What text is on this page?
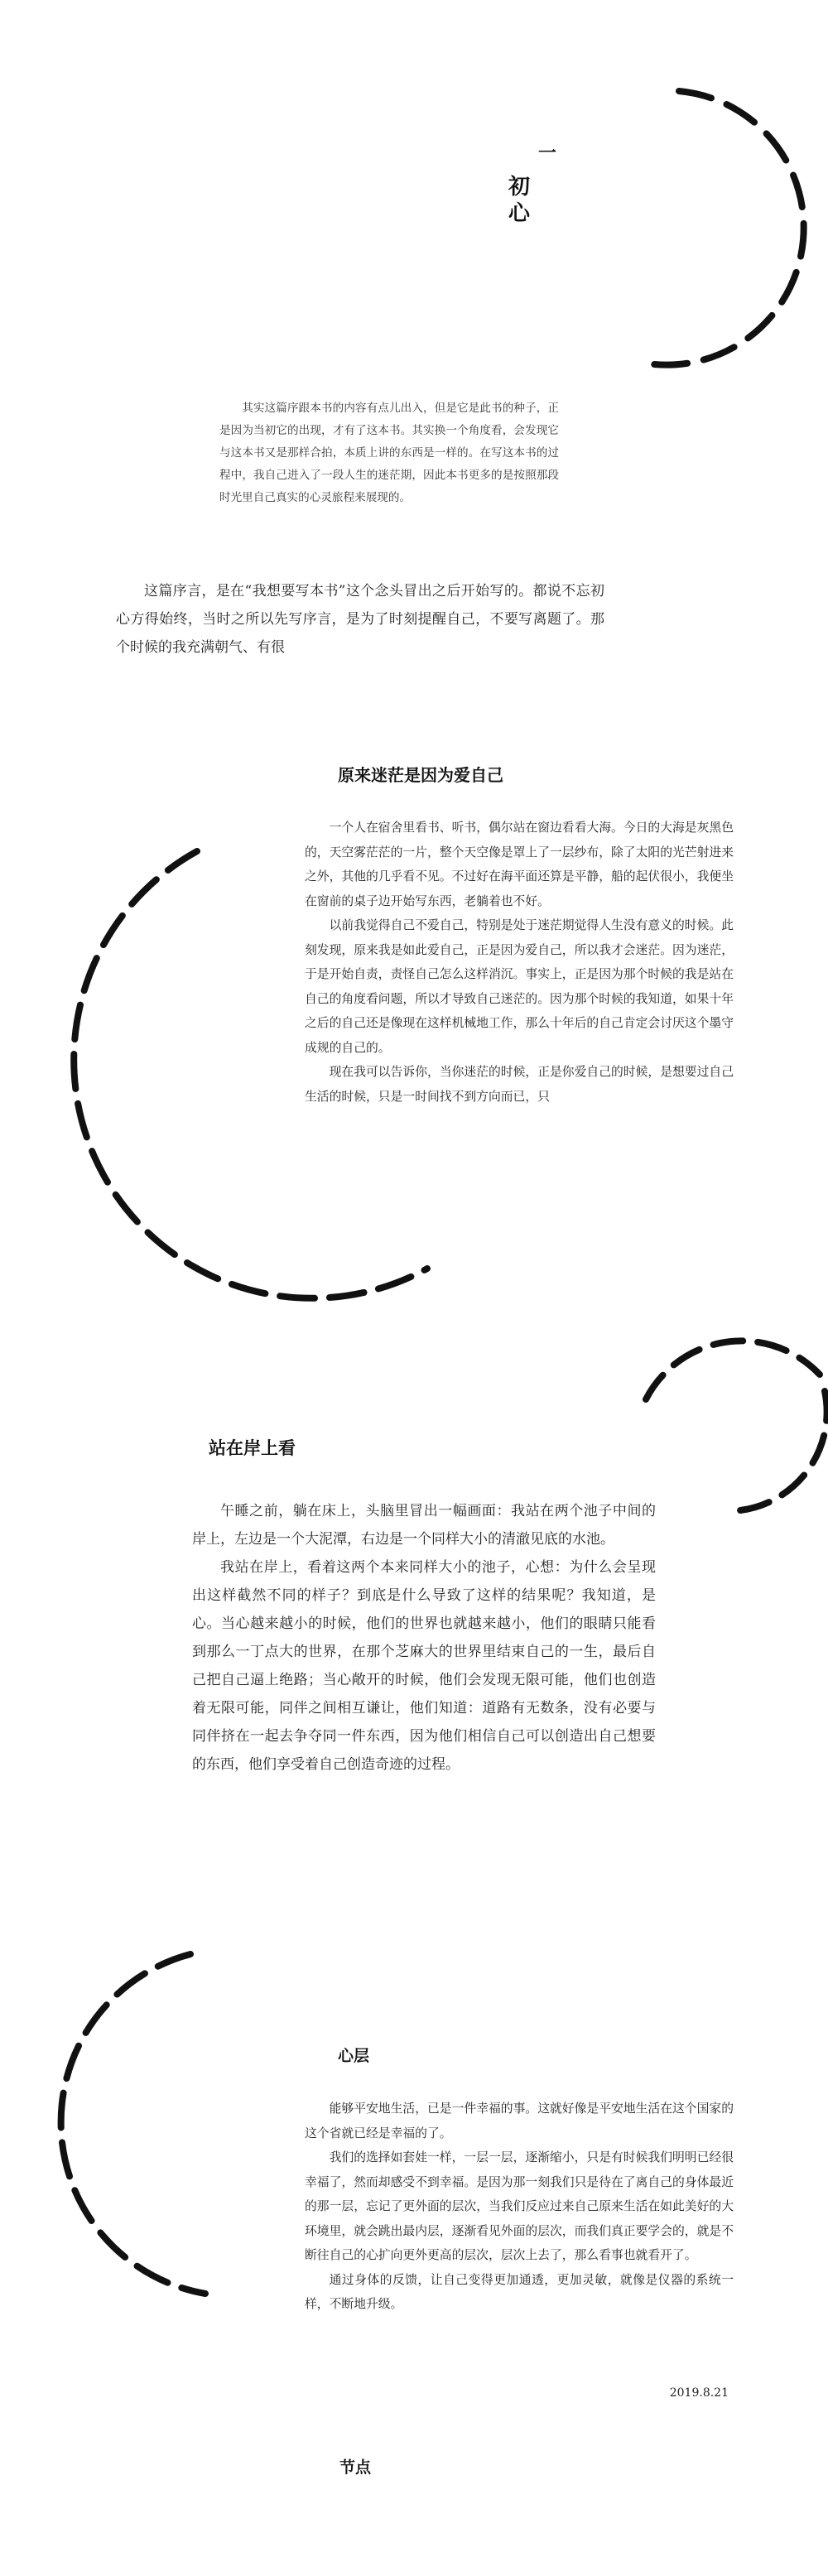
一
初心

其实这篇序跟本书的内容有点儿出入，但是它是此书的种子，正是因为当初它的出现，才有了这本书。其实换一个角度看，会发现它与这本书又是那样合拍，本质上讲的东西是一样的。在写这本书的过程中，我自己进入了一段人生的迷茫期，因此本书更多的是按照那段时光里自己真实的心灵旅程来展现的。

这篇序言，是在“我想要写本书”这个念头冒出之后开始写的。都说不忘初心方得始终，当时之所以先写序言，是为了时刻提醒自己，不要写离题了。那个时候的我充满朝气、有很

原来迷茫是因为爱自己

一个人在宿舍里看书、听书，偶尔站在窗边看看大海。今日的大海是灰黑色的，天空雾茫茫的一片，整个天空像是罩上了一层纱布，除了太阳的光芒射进来之外，其他的几乎看不见。不过好在海平面还算是平静，船的起伏很小，我便坐在窗前的桌子边开始写东西，老躺着也不好。

以前我觉得自己不爱自己，特别是处于迷茫期觉得人生没有意义的时候。此刻发现，原来我是如此爱自己，正是因为爱自己，所以我才会迷茫。因为迷茫，于是开始自责，责怪自己怎么这样消沉。事实上，正是因为那个时候的我是站在自己的角度看问题，所以才导致自己迷茫的。因为那个时候的我知道，如果十年之后的自己还是像现在这样机械地工作，那么十年后的自己肯定会讨厌这个墨守成规的自己的。

现在我可以告诉你，当你迷茫的时候，正是你爱自己的时候，是想要过自己生活的时候，只是一时间找不到方向而已，只

站在岸上看

午睡之前，躺在床上，头脑里冒出一幅画面：我站在两个池子中间的岸上，左边是一个大泥潭，右边是一个同样大小的清澈见底的水池。

我站在岸上，看着这两个本来同样大小的池子，心想：为什么会呈现出这样截然不同的样子？到底是什么导致了这样的结果呢？我知道，是心。当心越来越小的时候，他们的世界也就越来越小，他们的眼睛只能看到那么一丁点大的世界，在那个芝麻大的世界里结束自己的一生，最后自己把自己逼上绝路；当心敞开的时候，他们会发现无限可能，他们也创造着无限可能，同伴之间相互谦让，他们知道：道路有无数条，没有必要与同伴挤在一起去争夺同一件东西，因为他们相信自己可以创造出自己想要的东西，他们享受着自己创造奇迹的过程。

心层

能够平安地生活，已是一件幸福的事。这就好像是平安地生活在这个国家的这个省就已经是幸福的了。

我们的选择如套娃一样，一层一层，逐渐缩小，只是有时候我们明明已经很幸福了，然而却感受不到幸福。是因为那一刻我们只是待在了离自己的身体最近的那一层，忘记了更外面的层次，当我们反应过来自己原来生活在如此美好的大环境里，就会跳出最内层，逐渐看见外面的层次，而我们真正要学会的，就是不断往自己的心扩向更外更高的层次，层次上去了，那么看事也就看开了。

通过身体的反馈，让自己变得更加通透，更加灵敏，就像是仪器的系统一样，不断地升级。

2019.8.21
节点
